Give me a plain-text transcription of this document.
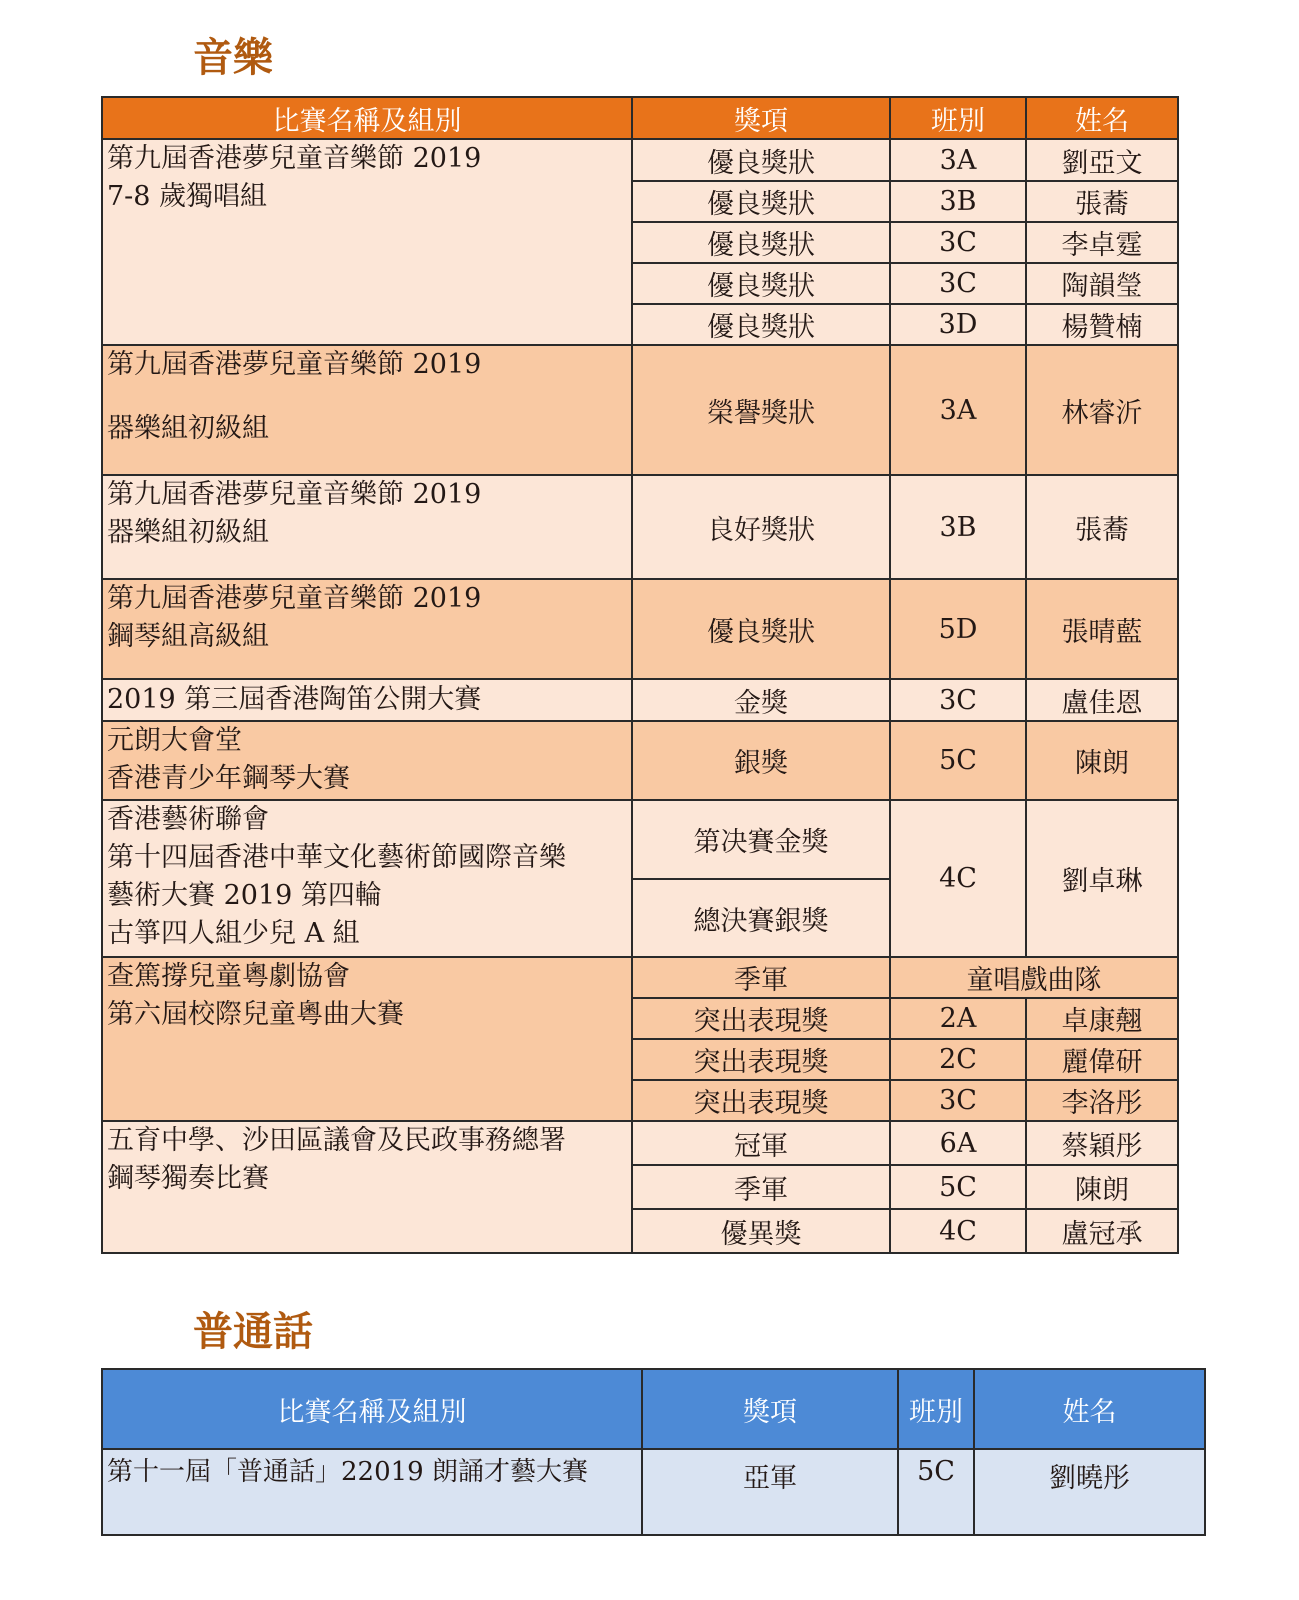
音樂
比賽名稱及組別	獎項	班別	姓名

第九屆香港夢兒童音樂節 2019
7-8 歲獨唱組	優良獎狀	3A	劉亞文
	優良獎狀	3B	張蕎
	優良獎狀	3C	李卓霆
	優良獎狀	3C	陶韻瑩
	優良獎狀	3D	楊贊楠

第九屆香港夢兒童音樂節 2019
器樂組初級組	榮譽獎狀	3A	林睿沂

第九屆香港夢兒童音樂節 2019
器樂組初級組	良好獎狀	3B	張蕎

第九屆香港夢兒童音樂節 2019
鋼琴組高級組	優良獎狀	5D	張晴藍

2019 第三屆香港陶笛公開大賽	金獎	3C	盧佳恩

元朗大會堂
香港青少年鋼琴大賽	銀獎	5C	陳朗

香港藝術聯會
第十四屆香港中華文化藝術節國際音樂
藝術大賽 2019 第四輪
古箏四人組少兒 A 組	第决賽金獎	4C	劉卓琳
	總決賽銀獎		

查篤撐兒童粵劇協會
第六屆校際兒童粵曲大賽	季軍	童唱戲曲隊	
	突出表現獎	2A	卓康翹
	突出表現獎	2C	麗偉研
	突出表現獎	3C	李洛彤

五育中學、沙田區議會及民政事務總署
鋼琴獨奏比賽	冠軍	6A	蔡穎彤
	季軍	5C	陳朗
	優異獎	4C	盧冠承
普通話
比賽名稱及組別	獎項	班別	姓名
第十一屆「普通話」22019 朗誦才藝大賽	亞軍	5C	劉曉彤
